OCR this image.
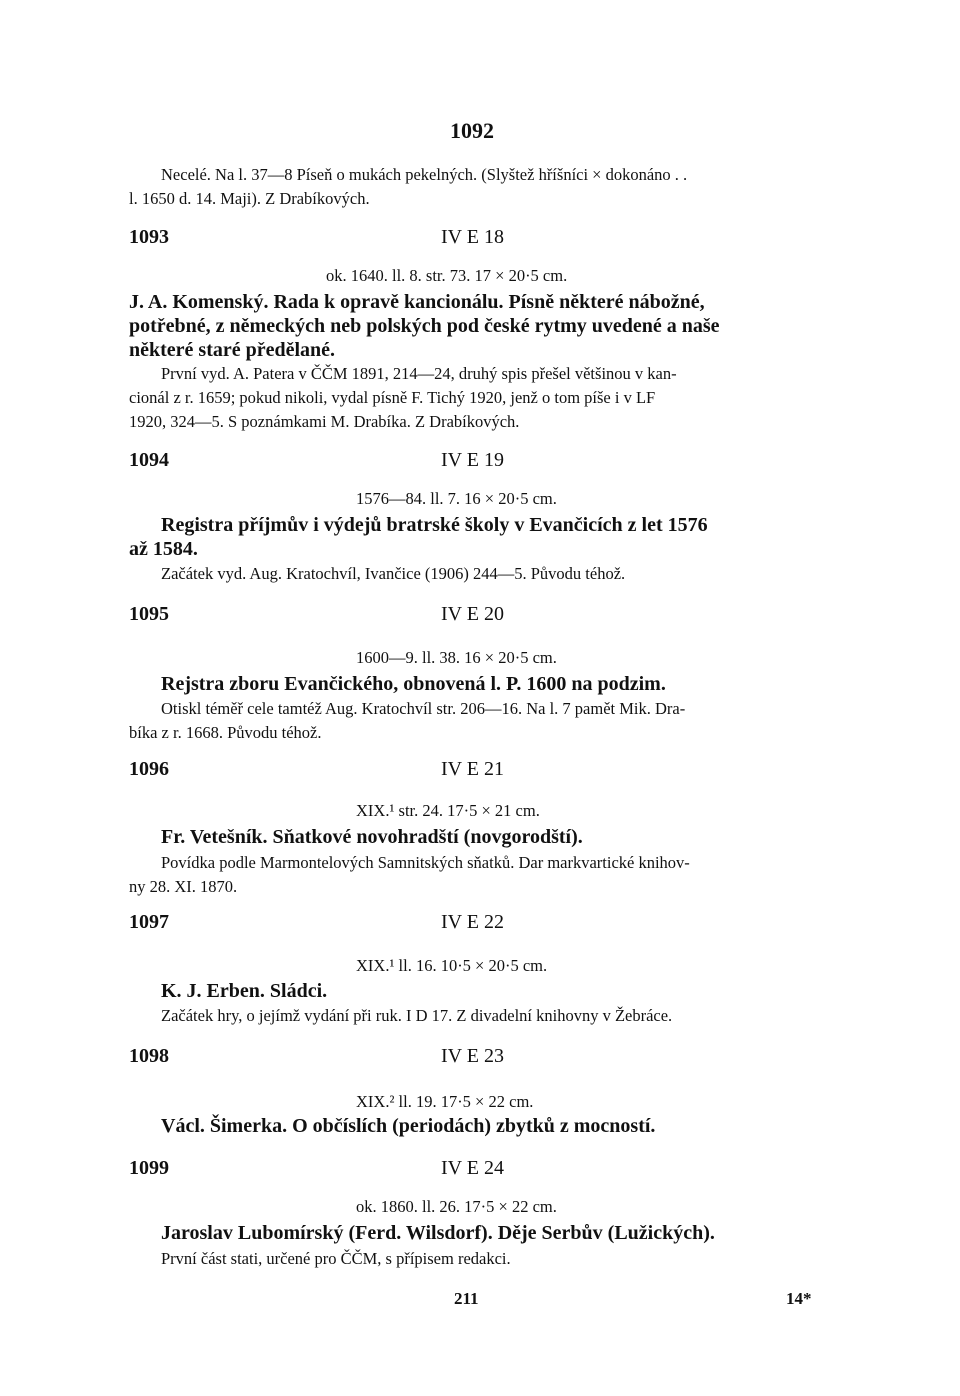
1092
Necelé. Na l. 37—8 Píseň o mukách pekelných. (Slyštež hříšníci × dokonáno . .
l. 1650 d. 14. Maji). Z Drabíkových.
1093	IV E 18
ok. 1640. ll. 8. str. 73. 17 × 20·5 cm.
J. A. Komenský. Rada k opravě kancionálu. Písně některé nábožné,
potřebné, z německých neb polských pod české rytmy uvedené a naše
některé staré předělané.
První vyd. A. Patera v ČČM 1891, 214—24, druhý spis přešel většinou v kan-
cionál z r. 1659; pokud nikoli, vydal písně F. Tichý 1920, jenž o tom píše i v LF
1920, 324—5. S poznámkami M. Drabíka. Z Drabíkových.
1094	IV E 19
1576—84. ll. 7. 16 × 20·5 cm.
Registra příjmův i výdejů bratrské školy v Evančicích z let 1576
až 1584.
Začátek vyd. Aug. Kratochvíl, Ivančice (1906) 244—5. Původu téhož.
1095	IV E 20
1600—9. ll. 38. 16 × 20·5 cm.
Rejstra zboru Evančického, obnovená l. P. 1600 na podzim.
Otiskl téměř cele tamtéž Aug. Kratochvíl str. 206—16. Na l. 7 pamět Mik. Dra-
bíka z r. 1668. Původu téhož.
1096	IV E 21
XIX.¹ str. 24. 17·5 × 21 cm.
Fr. Vetešník. Sňatkové novohradští (novgorodští).
Povídka podle Marmontelových Samnitských sňatků. Dar markvartické knihov-
ny 28. XI. 1870.
1097	IV E 22
XIX.¹ ll. 16. 10·5 × 20·5 cm.
K. J. Erben. Sládci.
Začátek hry, o jejímž vydání při ruk. I D 17. Z divadelní knihovny v Žebráce.
1098	IV E 23
XIX.² ll. 19. 17·5 × 22 cm.
Václ. Šimerka. O občíslích (periodách) zbytků z mocností.
1099	IV E 24
ok. 1860. ll. 26. 17·5 × 22 cm.
Jaroslav Lubomírský (Ferd. Wilsdorf). Děje Serbův (Lužických).
První část stati, určené pro ČČM, s přípisem redakci.
211	14*
